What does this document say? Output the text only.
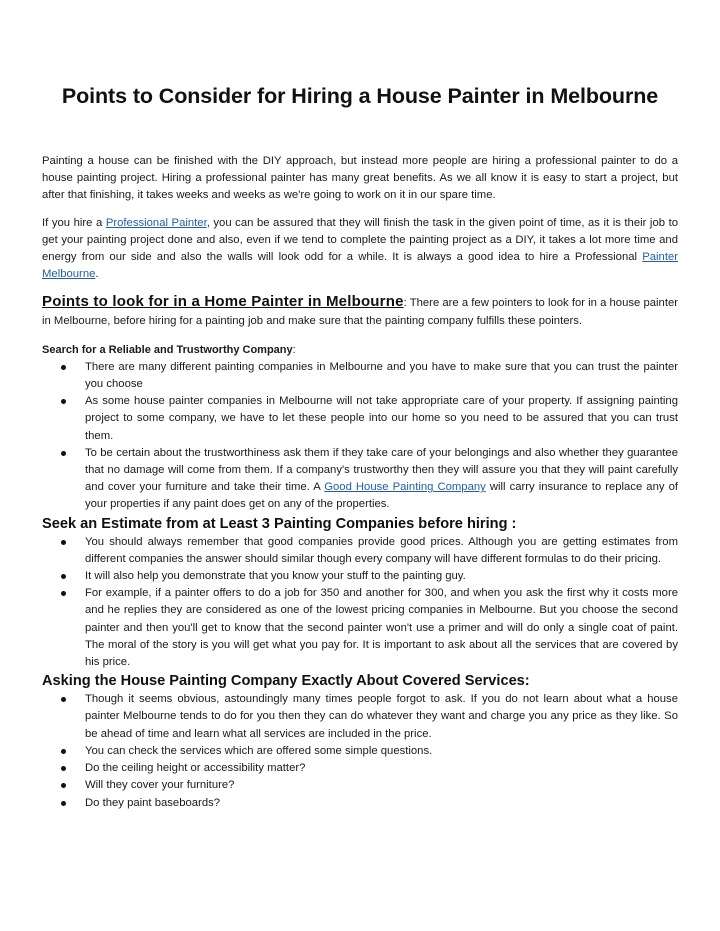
Points to Consider for Hiring a House Painter in Melbourne

Painting a house can be finished with the DIY approach, but instead more people are hiring a professional painter to do a house painting project. Hiring a professional painter has many great benefits. As we all know it is easy to start a project, but after that finishing, it takes weeks and weeks as we're going to work on it in our spare time.

If you hire a Professional Painter, you can be assured that they will finish the task in the given point of time, as it is their job to get your painting project done and also, even if we tend to complete the painting project as a DIY, it takes a lot more time and energy from our side and also the walls will look odd for a while. It is always a good idea to hire a Professional Painter Melbourne.

Points to look for in a Home Painter in Melbourne: There are a few pointers to look for in a house painter in Melbourne, before hiring for a painting job and make sure that the painting company fulfills these pointers.
Search for a Reliable and Trustworthy Company:
There are many different painting companies in Melbourne and you have to make sure that you can trust the painter you choose
As some house painter companies in Melbourne will not take appropriate care of your property. If assigning painting project to some company, we have to let these people into our home so you need to be assured that you can trust them.
To be certain about the trustworthiness ask them if they take care of your belongings and also whether they guarantee that no damage will come from them. If a company's trustworthy then they will assure you that they will paint carefully and cover your furniture and take their time. A Good House Painting Company will carry insurance to replace any of your properties if any paint does get on any of the properties.
Seek an Estimate from at Least 3 Painting Companies before hiring :
You should always remember that good companies provide good prices. Although you are getting estimates from different companies the answer should similar though every company will have different formulas to do their pricing.
It will also help you demonstrate that you know your stuff to the painting guy.
For example, if a painter offers to do a job for 350 and another for 300, and when you ask the first why it costs more and he replies they are considered as one of the lowest pricing companies in Melbourne. But you choose the second painter and then you'll get to know that the second painter won't use a primer and will do only a single coat of paint. The moral of the story is you will get what you pay for. It is important to ask about all the services that are covered by his price.
Asking the House Painting Company Exactly About Covered Services:
Though it seems obvious, astoundingly many times people forgot to ask. If you do not learn about what a house painter Melbourne tends to do for you then they can do whatever they want and charge you any price as they like. So be ahead of time and learn what all services are included in the price.
You can check the services which are offered some simple questions.
Do the ceiling height or accessibility matter?
Will they cover your furniture?
Do they paint baseboards?
